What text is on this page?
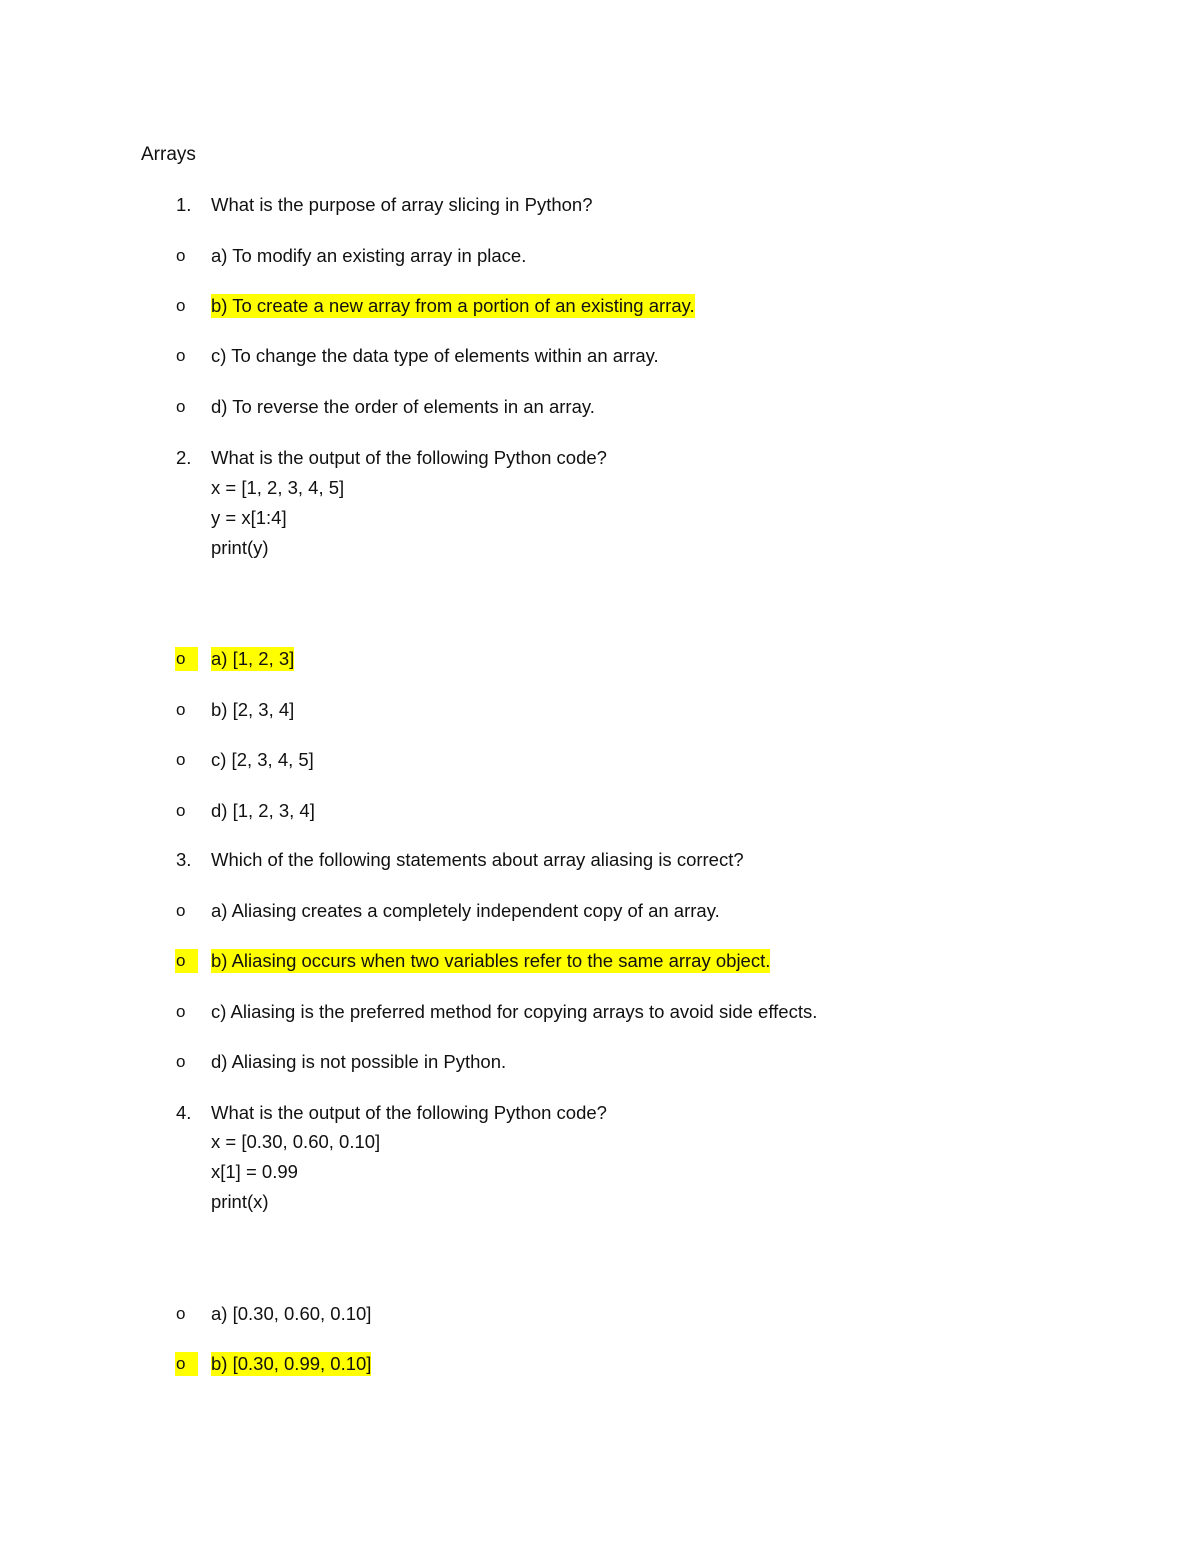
Arrays
1. What is the purpose of array slicing in Python?
o	a) To modify an existing array in place.
o	b) To create a new array from a portion of an existing array.
o	c) To change the data type of elements within an array.
o	d) To reverse the order of elements in an array.
2. What is the output of the following Python code?
x = [1, 2, 3, 4, 5]
y = x[1:4]
print(y)
o	a) [1, 2, 3]
o	b) [2, 3, 4]
o	c) [2, 3, 4, 5]
o	d) [1, 2, 3, 4]
3. Which of the following statements about array aliasing is correct?
o	a) Aliasing creates a completely independent copy of an array.
o	b) Aliasing occurs when two variables refer to the same array object.
o	c) Aliasing is the preferred method for copying arrays to avoid side effects.
o	d) Aliasing is not possible in Python.
4. What is the output of the following Python code?
x = [0.30, 0.60, 0.10]
x[1] = 0.99
print(x)
o	a) [0.30, 0.60, 0.10]
o	b) [0.30, 0.99, 0.10]
